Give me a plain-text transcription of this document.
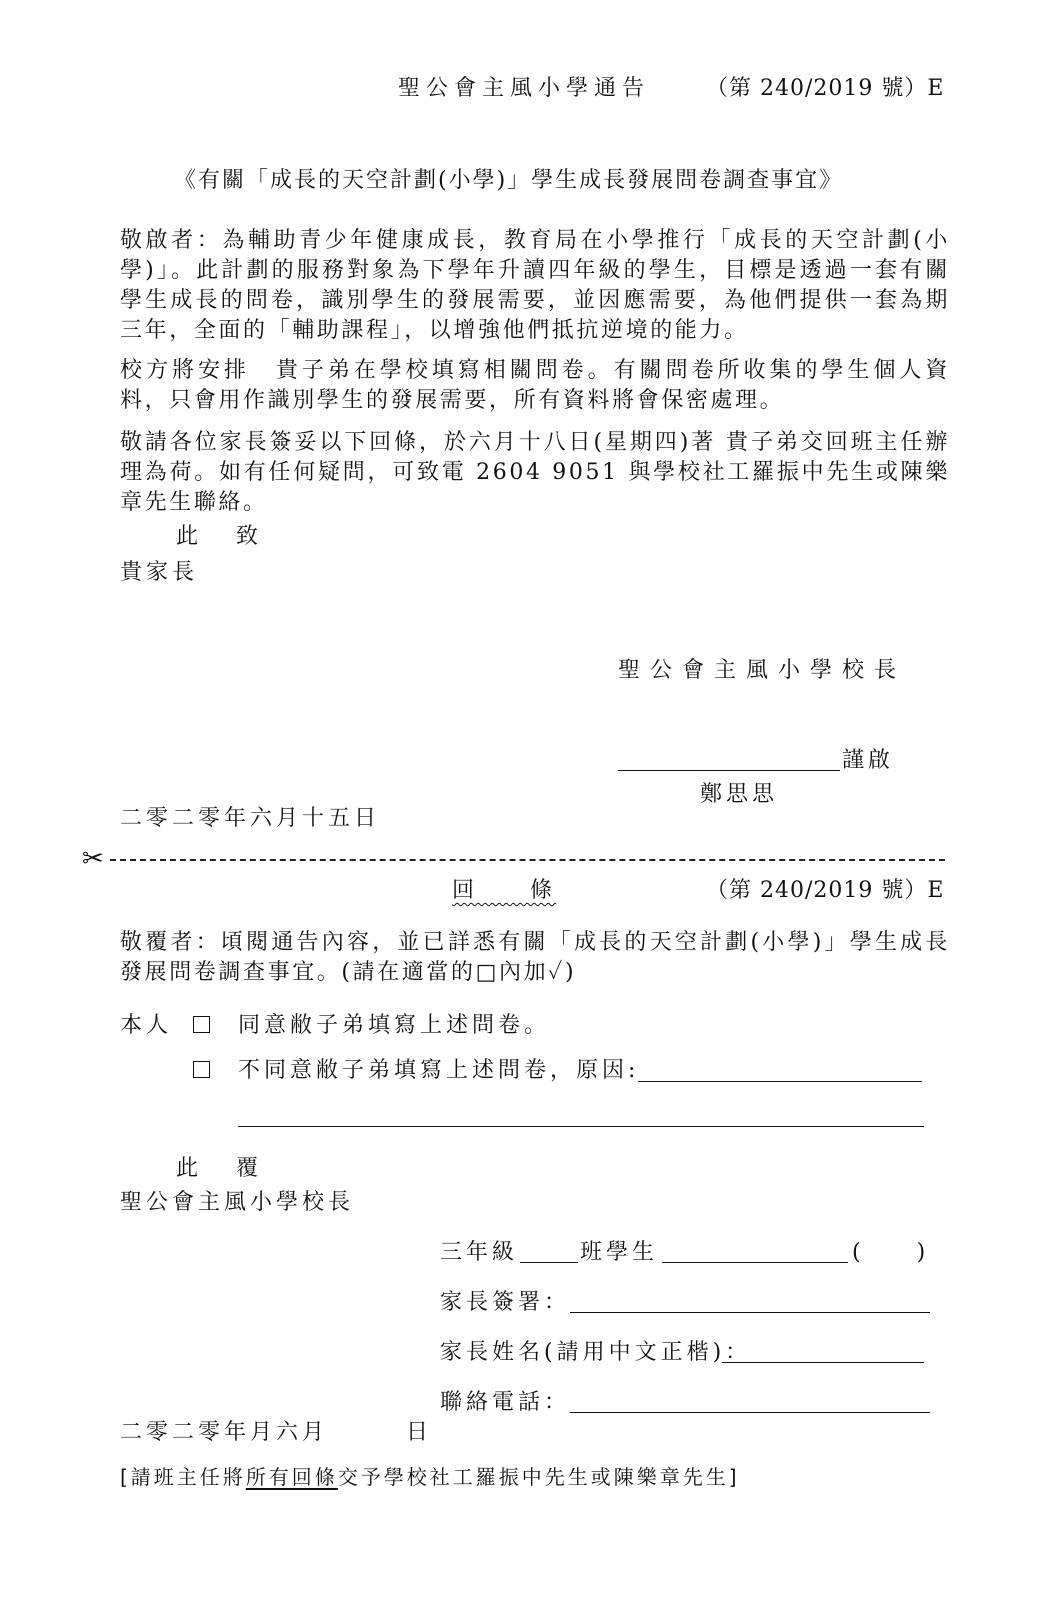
聖公會主風小學通告	（第 240/2019 號）E
《有關「成長的天空計劃(小學)」學生成長發展問卷調查事宜》
敬啟者：為輔助青少年健康成長，教育局在小學推行「成長的天空計劃(小學)」。此計劃的服務對象為下學年升讀四年級的學生，目標是透過一套有關學生成長的問卷，識別學生的發展需要，並因應需要，為他們提供一套為期三年，全面的「輔助課程」，以增強他們抵抗逆境的能力。
校方將安排　貴子弟在學校填寫相關問卷。有關問卷所收集的學生個人資料，只會用作識別學生的發展需要，所有資料將會保密處理。
敬請各位家長簽妥以下回條，於六月十八日(星期四)著 貴子弟交回班主任辦理為荷。如有任何疑問，可致電 2604 9051 與學校社工羅振中先生或陳樂章先生聯絡。
此　致
貴家長
聖公會主風小學校長
謹啟
鄭思思
二零二零年六月十五日
✂
回　　條	（第 240/2019 號）E
敬覆者：頃閱通告內容，並已詳悉有關「成長的天空計劃(小學)」學生成長發展問卷調查事宜。(請在適當的□內加✓)
本人	同意敝子弟填寫上述問卷。
不同意敝子弟填寫上述問卷，原因:
此　覆
聖公會主風小學校長
三年級	班學生	(　　)
家長簽署：
家長姓名(請用中文正楷)：
聯絡電話：
二零二零年月六月　　　日
[請班主任將所有回條交予學校社工羅振中先生或陳樂章先生]
